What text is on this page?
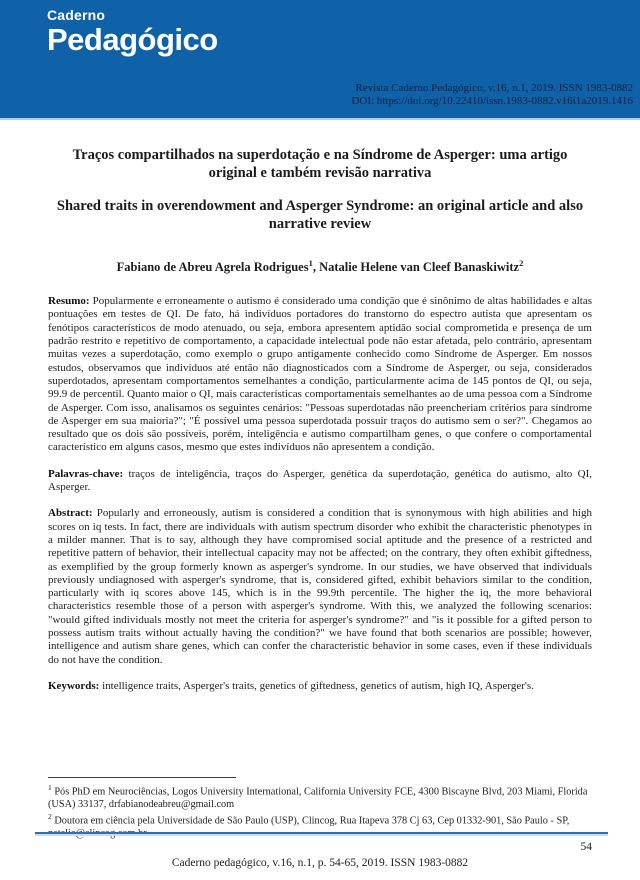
Caderno
Pedagógico
Revista Caderno Pedagógico, v.16, n.1, 2019. ISSN 1983-0882
DOI: https://doi.org/10.22410/issn.1983-0882.v16i1a2019.1416
Traços compartilhados na superdotação e na Síndrome de Asperger: uma artigo original e também revisão narrativa
Shared traits in overendowment and Asperger Syndrome: an original article and also narrative review

Fabiano de Abreu Agrela Rodrigues$^1$, Natalie Helene van Cleef Banaskiwitz$^2$

Resumo: Popularmente e erroneamente o autismo é considerado uma condição que é sinônimo de altas habilidades e altas pontuações em testes de QI. De fato, há indivíduos portadores do transtorno do espectro autista que apresentam os fenótipos característicos de modo atenuado, ou seja, embora apresentem aptidão social comprometida e presença de um padrão restrito e repetitivo de comportamento, a capacidade intelectual pode não estar afetada, pelo contrário, apresentam muitas vezes a superdotação, como exemplo o grupo antigamente conhecido como Síndrome de Asperger. Em nossos estudos, observamos que indivíduos até então não diagnosticados com a Síndrome de Asperger, ou seja, considerados superdotados, apresentam comportamentos semelhantes a condição, particularmente acima de 145 pontos de QI, ou seja, 99.9 de percentil. Quanto maior o QI, mais características comportamentais semelhantes ao de uma pessoa com a Síndrome de Asperger. Com isso, analisamos os seguintes cenários: "Pessoas superdotadas não preencheriam critérios para síndrome de Asperger em sua maioria?"; "É possível uma pessoa superdotada possuir traços do autismo sem o ser?". Chegamos ao resultado que os dois são possíveis, porém, inteligência e autismo compartilham genes, o que confere o comportamental característico em alguns casos, mesmo que estes indivíduos não apresentem a condição.

Palavras-chave: traços de inteligência, traços do Asperger, genética da superdotação, genética do autismo, alto QI, Asperger.

Abstract: Popularly and erroneously, autism is considered a condition that is synonymous with high abilities and high scores on iq tests. In fact, there are individuals with autism spectrum disorder who exhibit the characteristic phenotypes in a milder manner. That is to say, although they have compromised social aptitude and the presence of a restricted and repetitive pattern of behavior, their intellectual capacity may not be affected; on the contrary, they often exhibit giftedness, as exemplified by the group formerly known as asperger's syndrome. In our studies, we have observed that individuals previously undiagnosed with asperger's syndrome, that is, considered gifted, exhibit behaviors similar to the condition, particularly with iq scores above 145, which is in the 99.9th percentile. The higher the iq, the more behavioral characteristics resemble those of a person with asperger's syndrome. With this, we analyzed the following scenarios: "would gifted individuals mostly not meet the criteria for asperger's syndrome?" and "is it possible for a gifted person to possess autism traits without actually having the condition?" we have found that both scenarios are possible; however, intelligence and autism share genes, which can confer the characteristic behavior in some cases, even if these individuals do not have the condition.

Keywords: intelligence traits, Asperger's traits, genetics of giftedness, genetics of autism, high IQ, Asperger's.

$^1$ Pós PhD em Neurociências, Logos University International, California University FCE, 4300 Biscayne Blvd, 203 Miami, Florida (USA) 33137, drfabianodeabreu@gmail.com
$^2$ Doutora em ciência pela Universidade de São Paulo (USP), Clincog, Rua Itapeva 378 Cj 63, Cep 01332-901, São Paulo - SP, natalie@clincog.com.br
54
Caderno pedagógico, v.16, n.1, p. 54-65, 2019. ISSN 1983-0882
